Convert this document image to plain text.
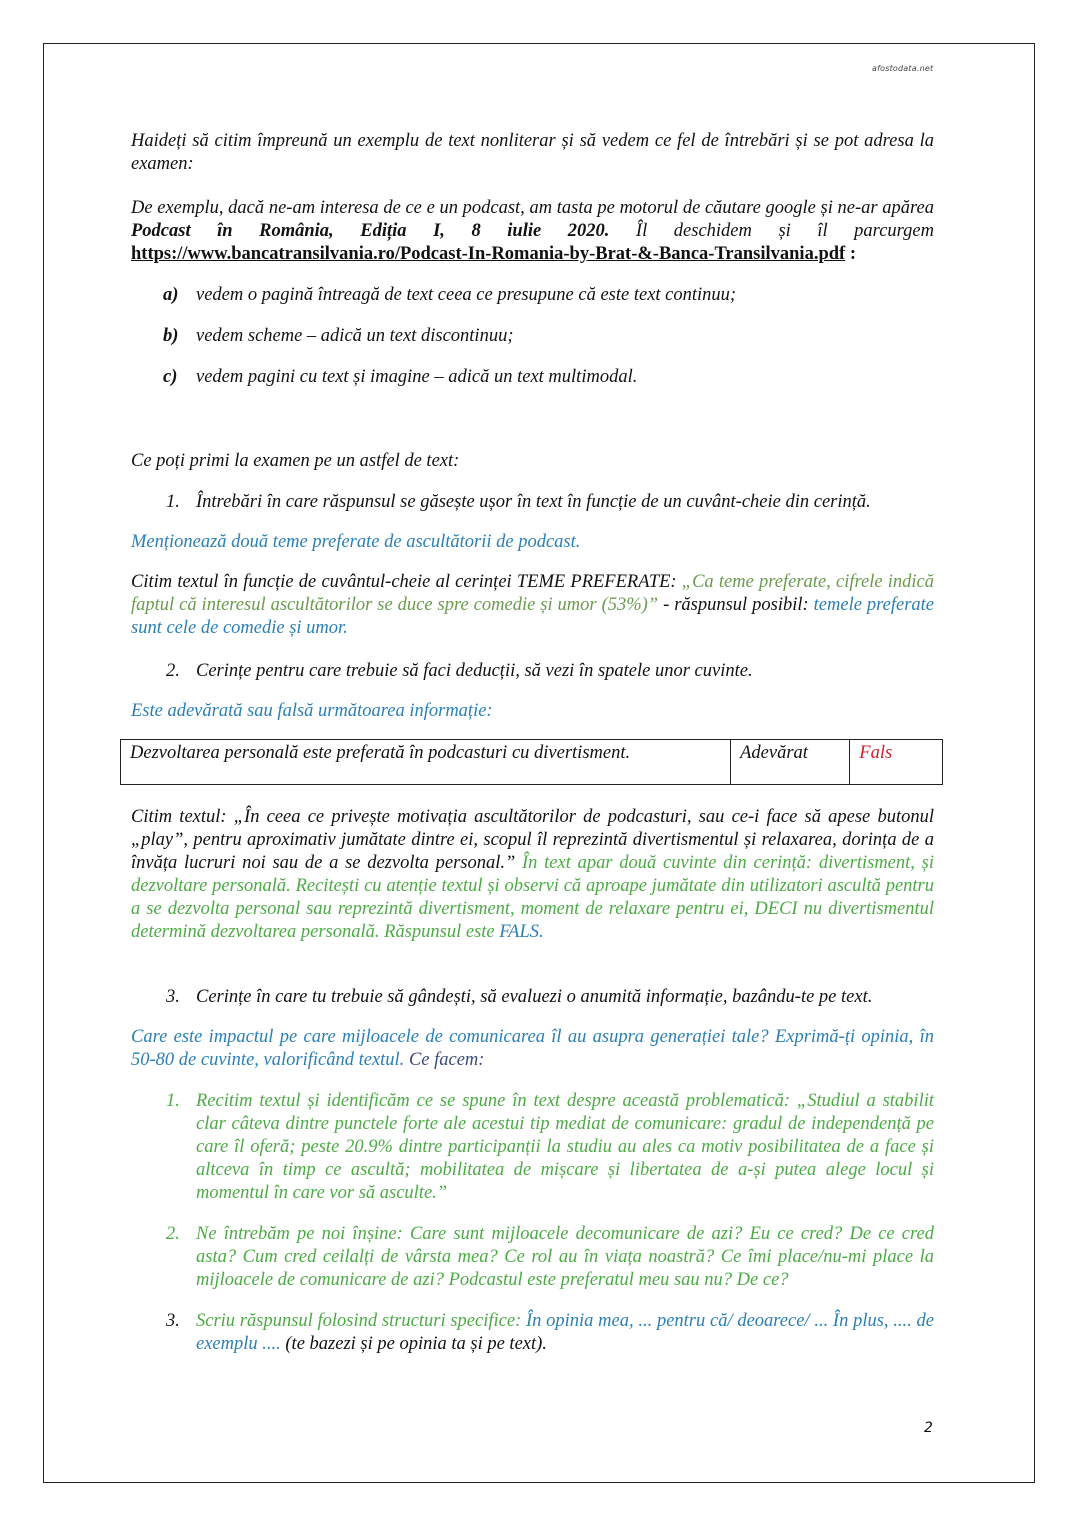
afostodata.net

Haideți să citim împreună un exemplu de text nonliterar și să vedem ce fel de întrebări și se pot adresa la examen:

De exemplu, dacă ne-am interesa de ce e un podcast, am tasta pe motorul de căutare google și ne-ar apărea Podcast în România, Ediția I, 8 iulie 2020. Îl deschidem și îl parcurgem https://www.bancatransilvania.ro/Podcast-In-Romania-by-Brat-&-Banca-Transilvania.pdf :

a) vedem o pagină întreagă de text ceea ce presupune că este text continuu;
b) vedem scheme – adică un text discontinuu;
c) vedem pagini cu text și imagine – adică un text multimodal.

Ce poți primi la examen pe un astfel de text:

1. Întrebări în care răspunsul se găsește ușor în text în funcție de un cuvânt-cheie din cerință.

Menționează două teme preferate de ascultătorii de podcast.

Citim textul în funcție de cuvântul-cheie al cerinței TEME PREFERATE: „Ca teme preferate, cifrele indică faptul că interesul ascultătorilor se duce spre comedie și umor (53%)” - răspunsul posibil: temele preferate sunt cele de comedie și umor.

2. Cerințe pentru care trebuie să faci deducții, să vezi în spatele unor cuvinte.

Este adevărată sau falsă următoarea informație:

Dezvoltarea personală este preferată în podcasturi cu divertisment.	Adevărat	Fals

Citim textul: „În ceea ce privește motivația ascultătorilor de podcasturi, sau ce-i face să apese butonul „play”, pentru aproximativ jumătate dintre ei, scopul îl reprezintă divertismentul și relaxarea, dorința de a învăța lucruri noi sau de a se dezvolta personal.” În text apar două cuvinte din cerință: divertisment, și dezvoltare personală. Recitești cu atenție textul și observi că aproape jumătate din utilizatori ascultă pentru a se dezvolta personal sau reprezintă divertisment, moment de relaxare pentru ei, DECI nu divertismentul determină dezvoltarea personală. Răspunsul este FALS.

3. Cerințe în care tu trebuie să gândești, să evaluezi o anumită informație, bazându-te pe text.

Care este impactul pe care mijloacele de comunicarea îl au asupra generației tale? Exprimă-ți opinia, în 50-80 de cuvinte, valorificând textul. Ce facem:

1. Recitim textul și identificăm ce se spune în text despre această problematică: „Studiul a stabilit clar câteva dintre punctele forte ale acestui tip mediat de comunicare: gradul de independență pe care îl oferă; peste 20.9% dintre participanții la studiu au ales ca motiv posibilitatea de a face și altceva în timp ce ascultă; mobilitatea de mișcare și libertatea de a-și putea alege locul și momentul în care vor să asculte.”
2. Ne întrebăm pe noi înșine: Care sunt mijloacele decomunicare de azi? Eu ce cred? De ce cred asta? Cum cred ceilalți de vârsta mea? Ce rol au în viața noastră? Ce îmi place/nu-mi place la mijloacele de comunicare de azi? Podcastul este preferatul meu sau nu? De ce?
3. Scriu răspunsul folosind structuri specifice: În opinia mea, ... pentru că/ deoarece/ ... În plus, .... de exemplu .... (te bazezi și pe opinia ta și pe text).
2
